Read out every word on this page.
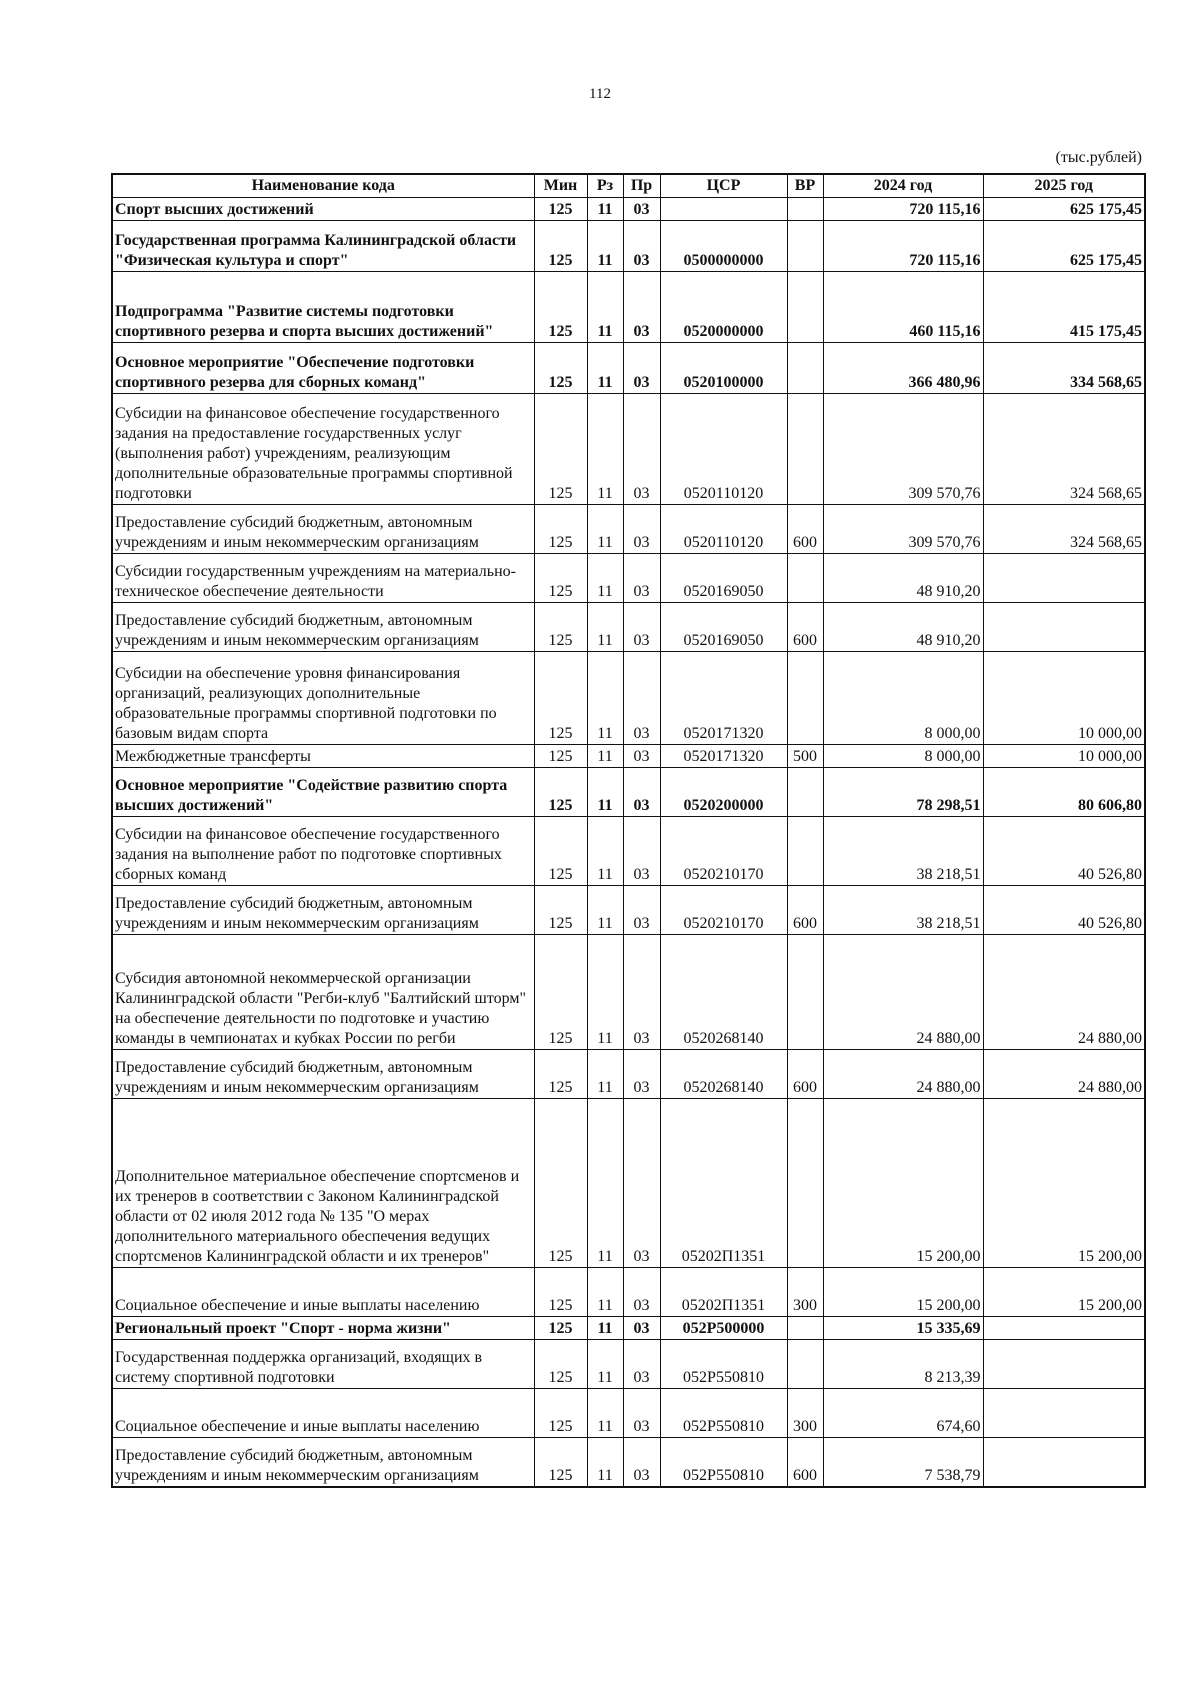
112
(тыс.рублей)
Наименование кода	Мин	Рз	Пр	ЦСР	ВР	2024 год	2025 год
Спорт высших достижений	125	11	03			720 115,16	625 175,45
Государственная программа Калининградской области "Физическая культура и спорт"	125	11	03	0500000000		720 115,16	625 175,45
Подпрограмма "Развитие системы подготовки спортивного резерва и спорта высших достижений"	125	11	03	0520000000		460 115,16	415 175,45
Основное мероприятие "Обеспечение подготовки спортивного резерва для сборных команд"	125	11	03	0520100000		366 480,96	334 568,65
Субсидии на финансовое обеспечение государственного задания на предоставление государственных услуг (выполнения работ) учреждениям, реализующим дополнительные образовательные программы спортивной подготовки	125	11	03	0520110120		309 570,76	324 568,65
Предоставление субсидий бюджетным, автономным учреждениям и иным некоммерческим организациям	125	11	03	0520110120	600	309 570,76	324 568,65
Субсидии государственным учреждениям на материально-техническое обеспечение деятельности	125	11	03	0520169050		48 910,20	
Предоставление субсидий бюджетным, автономным учреждениям и иным некоммерческим организациям	125	11	03	0520169050	600	48 910,20	
Субсидии на обеспечение уровня финансирования организаций, реализующих дополнительные образовательные программы спортивной подготовки по базовым видам спорта	125	11	03	0520171320		8 000,00	10 000,00
Межбюджетные трансферты	125	11	03	0520171320	500	8 000,00	10 000,00
Основное мероприятие "Содействие развитию спорта высших достижений"	125	11	03	0520200000		78 298,51	80 606,80
Субсидии на финансовое обеспечение государственного задания на выполнение работ по подготовке спортивных сборных команд	125	11	03	0520210170		38 218,51	40 526,80
Предоставление субсидий бюджетным, автономным учреждениям и иным некоммерческим организациям	125	11	03	0520210170	600	38 218,51	40 526,80
Субсидия автономной некоммерческой организации Калининградской области "Регби-клуб "Балтийский шторм" на обеспечение деятельности по подготовке и участию команды в чемпионатах и кубках России по регби	125	11	03	0520268140		24 880,00	24 880,00
Предоставление субсидий бюджетным, автономным учреждениям и иным некоммерческим организациям	125	11	03	0520268140	600	24 880,00	24 880,00
Дополнительное материальное обеспечение спортсменов и их тренеров в соответствии с Законом Калининградской области от 02 июля 2012 года № 135 "О мерах дополнительного материального обеспечения ведущих спортсменов Калининградской области и их тренеров"	125	11	03	05202П1351		15 200,00	15 200,00
Социальное обеспечение и иные выплаты населению	125	11	03	05202П1351	300	15 200,00	15 200,00
Региональный проект "Спорт - норма жизни"	125	11	03	052Р500000		15 335,69	
Государственная поддержка организаций, входящих в систему спортивной подготовки	125	11	03	052Р550810		8 213,39	
Социальное обеспечение и иные выплаты населению	125	11	03	052Р550810	300	674,60	
Предоставление субсидий бюджетным, автономным учреждениям и иным некоммерческим организациям	125	11	03	052Р550810	600	7 538,79	
